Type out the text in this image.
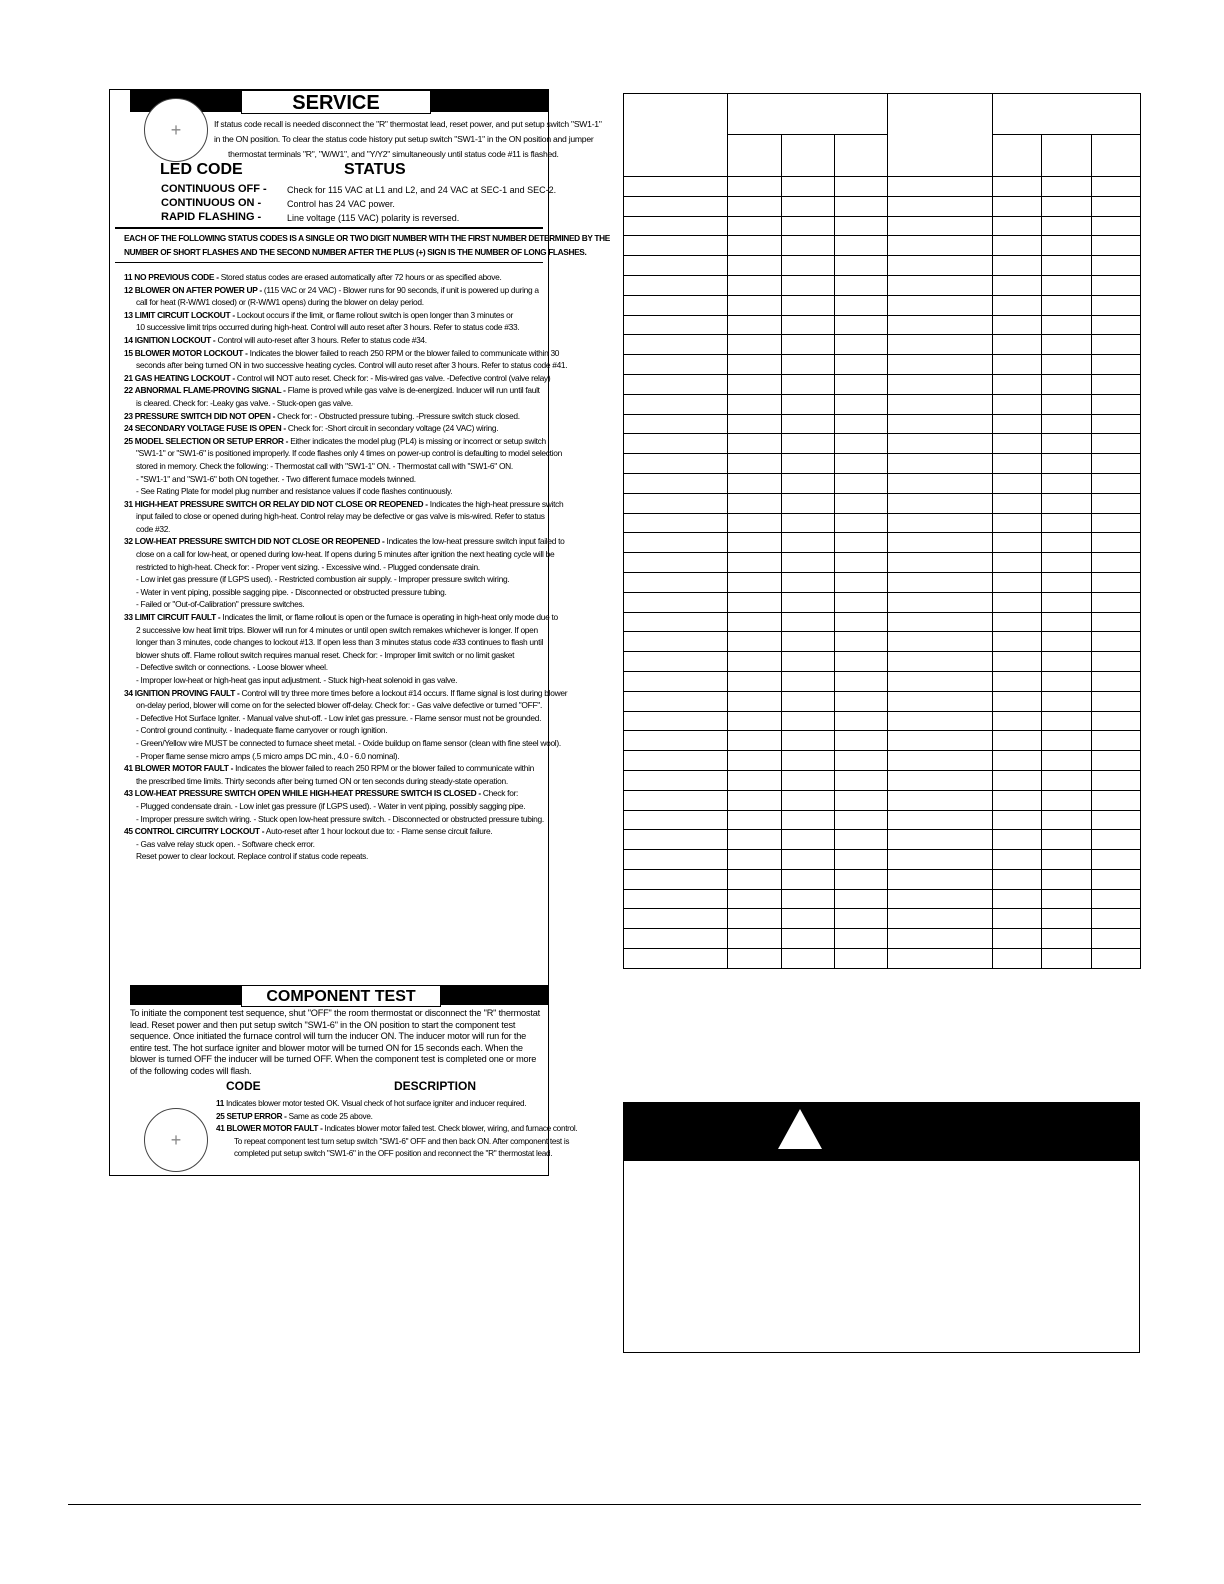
SERVICE
+	If status code recall is needed disconnect the "R" thermostat lead, reset power, and put setup switch "SW1-1"
in the ON position. To clear the status code history put setup switch "SW1-1" in the ON position and jumper
thermostat terminals "R", "W/W1", and "Y/Y2" simultaneously until status code #11 is flashed.
LED CODE	STATUS
CONTINUOUS OFF - Check for 115 VAC at L1 and L2, and 24 VAC at SEC-1 and SEC-2.
CONTINUOUS ON -	Control has 24 VAC power.
RAPID FLASHING -	Line voltage (115 VAC) polarity is reversed.
EACH OF THE FOLLOWING STATUS CODES IS A SINGLE OR TWO DIGIT NUMBER WITH THE FIRST NUMBER DETERMINED BY THE
NUMBER OF SHORT FLASHES AND THE SECOND NUMBER AFTER THE PLUS (+) SIGN IS THE NUMBER OF LONG FLASHES.
11 NO PREVIOUS CODE - Stored status codes are erased automatically after 72 hours or as specified above.
12 BLOWER ON AFTER POWER UP - (115 VAC or 24 VAC) - Blower runs for 90 seconds, if unit is powered up during a
call for heat (R-W/W1 closed) or (R-W/W1 opens) during the blower on delay period.
13 LIMIT CIRCUIT LOCKOUT - Lockout occurs if the limit, or flame rollout switch is open longer than 3 minutes or
10 successive limit trips occurred during high-heat. Control will auto reset after 3 hours. Refer to status code #33.
14 IGNITION LOCKOUT - Control will auto-reset after 3 hours. Refer to status code #34.
15 BLOWER MOTOR LOCKOUT - Indicates the blower failed to reach 250 RPM or the blower failed to communicate within 30
seconds after being turned ON in two successive heating cycles. Control will auto reset after 3 hours. Refer to status code #41.
21 GAS HEATING LOCKOUT - Control will NOT auto reset. Check for: - Mis-wired gas valve. -Defective control (valve relay)
22 ABNORMAL FLAME-PROVING SIGNAL - Flame is proved while gas valve is de-energized. Inducer will run until fault
is cleared. Check for: -Leaky gas valve. - Stuck-open gas valve.
23 PRESSURE SWITCH DID NOT OPEN - Check for: - Obstructed pressure tubing. -Pressure switch stuck closed.
24 SECONDARY VOLTAGE FUSE IS OPEN - Check for: -Short circuit in secondary voltage (24 VAC) wiring.
25 MODEL SELECTION OR SETUP ERROR - Either indicates the model plug (PL4) is missing or incorrect or setup switch
"SW1-1" or "SW1-6" is positioned improperly. If code flashes only 4 times on power-up control is defaulting to model selection
stored in memory. Check the following: - Thermostat call with "SW1-1" ON. - Thermostat call with "SW1-6" ON.
- "SW1-1" and "SW1-6" both ON together. - Two different furnace models twinned.
- See Rating Plate for model plug number and resistance values if code flashes continuously.
31 HIGH-HEAT PRESSURE SWITCH OR RELAY DID NOT CLOSE OR REOPENED - Indicates the high-heat pressure switch
input failed to close or opened during high-heat. Control relay may be defective or gas valve is mis-wired. Refer to status
code #32.
32 LOW-HEAT PRESSURE SWITCH DID NOT CLOSE OR REOPENED - Indicates the low-heat pressure switch input failed to
close on a call for low-heat, or opened during low-heat. If opens during 5 minutes after ignition the next heating cycle will be
restricted to high-heat. Check for: - Proper vent sizing. - Excessive wind. - Plugged condensate drain.
- Low inlet gas pressure (if LGPS used). - Restricted combustion air supply. - Improper pressure switch wiring.
- Water in vent piping, possible sagging pipe. - Disconnected or obstructed pressure tubing.
- Failed or "Out-of-Calibration" pressure switches.
33 LIMIT CIRCUIT FAULT - Indicates the limit, or flame rollout is open or the furnace is operating in high-heat only mode due to
2 successive low heat limit trips. Blower will run for 4 minutes or until open switch remakes whichever is longer. If open
longer than 3 minutes, code changes to lockout #13. If open less than 3 minutes status code #33 continues to flash until
blower shuts off. Flame rollout switch requires manual reset. Check for: - Improper limit switch or no limit gasket
- Defective switch or connections. - Loose blower wheel.
- Improper low-heat or high-heat gas input adjustment. - Stuck high-heat solenoid in gas valve.
34 IGNITION PROVING FAULT - Control will try three more times before a lockout #14 occurs. If flame signal is lost during blower
on-delay period, blower will come on for the selected blower off-delay. Check for: - Gas valve defective or turned "OFF".
- Defective Hot Surface Igniter. - Manual valve shut-off. - Low inlet gas pressure. - Flame sensor must not be grounded.
- Control ground continuity. - Inadequate flame carryover or rough ignition.
- Green/Yellow wire MUST be connected to furnace sheet metal. - Oxide buildup on flame sensor (clean with fine steel wool).
- Proper flame sense micro amps (.5 micro amps DC min., 4.0 - 6.0 nominal).
41 BLOWER MOTOR FAULT - Indicates the blower failed to reach 250 RPM or the blower failed to communicate within
the prescribed time limits. Thirty seconds after being turned ON or ten seconds during steady-state operation.
43 LOW-HEAT PRESSURE SWITCH OPEN WHILE HIGH-HEAT PRESSURE SWITCH IS CLOSED - Check for:
- Plugged condensate drain. - Low inlet gas pressure (if LGPS used). - Water in vent piping, possibly sagging pipe.
- Improper pressure switch wiring. - Stuck open low-heat pressure switch. - Disconnected or obstructed pressure tubing.
45 CONTROL CIRCUITRY LOCKOUT - Auto-reset after 1 hour lockout due to: - Flame sense circuit failure.
- Gas valve relay stuck open. - Software check error.
Reset power to clear lockout. Replace control if status code repeats.
COMPONENT TEST
To initiate the component test sequence, shut "OFF" the room thermostat or disconnect the "R" thermostat
lead. Reset power and then put setup switch "SW1-6" in the ON position to start the component test
sequence. Once initiated the furnace control will turn the inducer ON. The inducer motor will run for the
entire test. The hot surface igniter and blower motor will be turned ON for 15 seconds each. When the
blower is turned OFF the inducer will be turned OFF. When the component test is completed one or more
of the following codes will flash.
CODE	DESCRIPTION
11 Indicates blower motor tested OK. Visual check of hot surface igniter and inducer required.
25 SETUP ERROR - Same as code 25 above.
41 BLOWER MOTOR FAULT - Indicates blower motor failed test. Check blower, wiring, and furnace control.
To repeat component test turn setup switch "SW1-6" OFF and then back ON. After component test is
completed put setup switch "SW1-6" in the OFF position and reconnect the "R" thermostat lead.
+
